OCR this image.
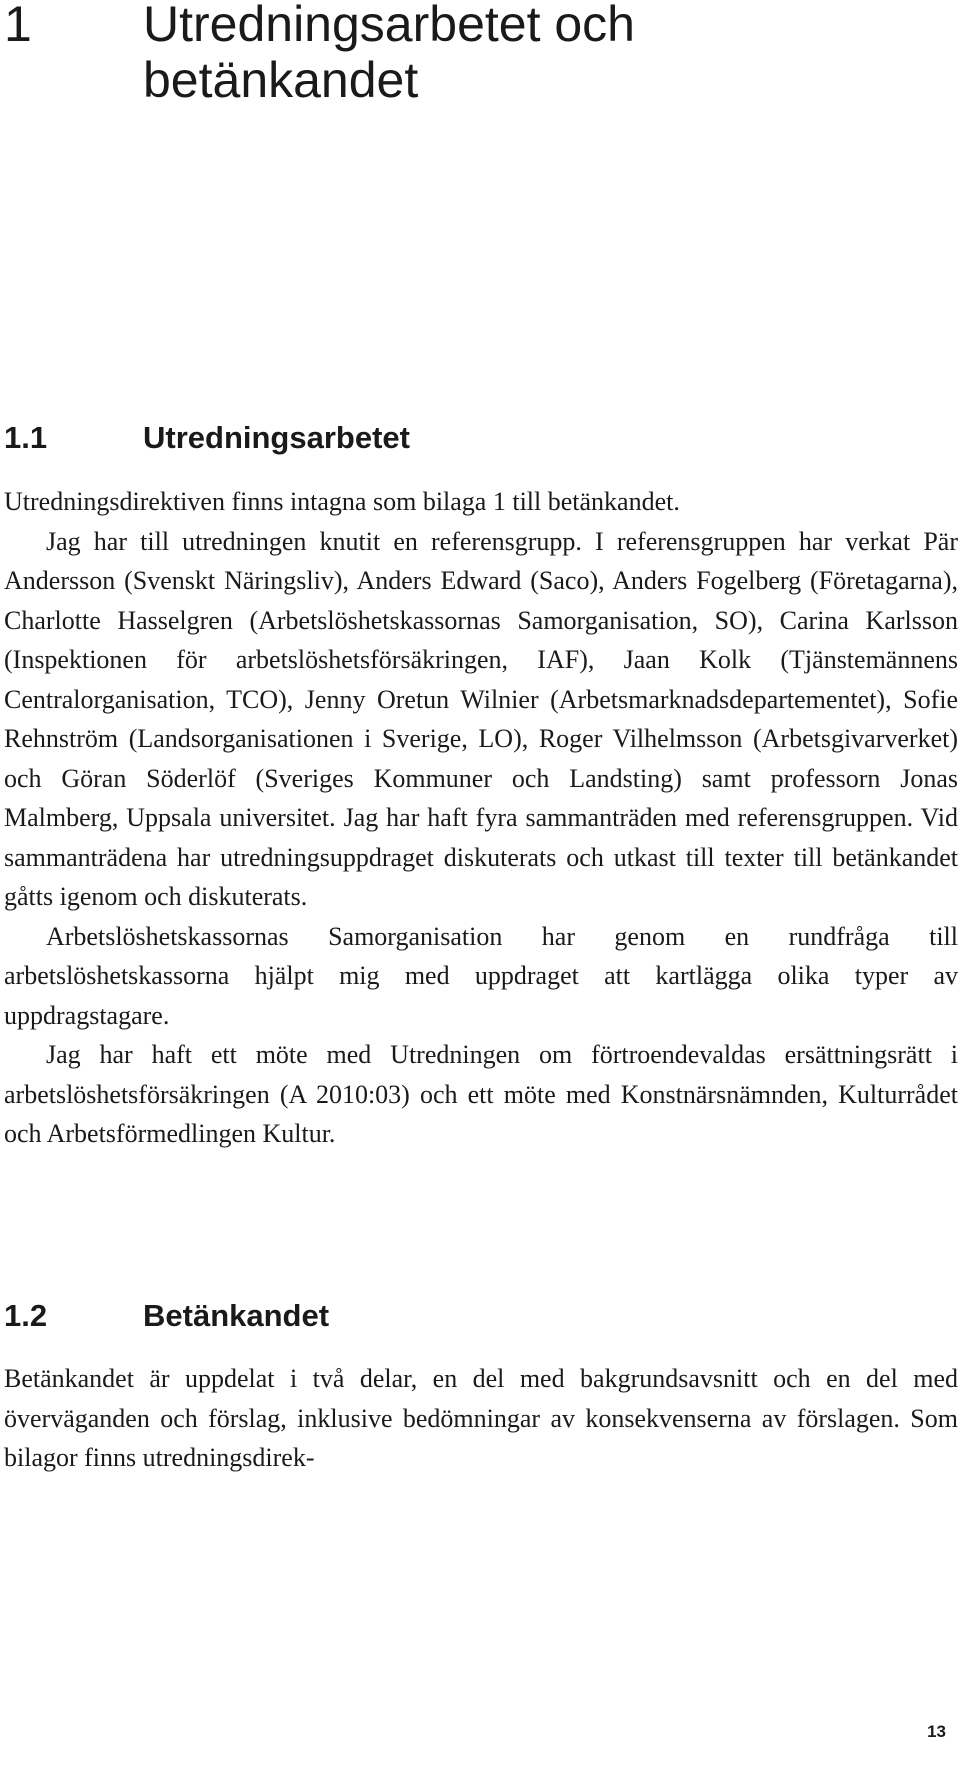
1 Utredningsarbetet och betänkandet
1.1	Utredningsarbetet

Utredningsdirektiven finns intagna som bilaga 1 till betänkandet.

Jag har till utredningen knutit en referensgrupp. I referensgruppen har verkat Pär Andersson (Svenskt Näringsliv), Anders Edward (Saco), Anders Fogelberg (Företagarna), Charlotte Hasselgren (Arbetslöshetskassornas Samorganisation, SO), Carina Karlsson (Inspektionen för arbetslöshetsförsäkringen, IAF), Jaan Kolk (Tjänstemännens Centralorganisation, TCO), Jenny Oretun Wilnier (Arbetsmarknadsdepartementet), Sofie Rehnström (Landsorganisationen i Sverige, LO), Roger Vilhelmsson (Arbetsgivarverket) och Göran Söderlöf (Sveriges Kommuner och Landsting) samt professorn Jonas Malmberg, Uppsala universitet. Jag har haft fyra sammanträden med referensgruppen. Vid sammanträdena har utredningsuppdraget diskuterats och utkast till texter till betänkandet gåtts igenom och diskuterats.

Arbetslöshetskassornas Samorganisation har genom en rundfråga till arbetslöshetskassorna hjälpt mig med uppdraget att kartlägga olika typer av uppdragstagare.

Jag har haft ett möte med Utredningen om förtroendevaldas ersättningsrätt i arbetslöshetsförsäkringen (A 2010:03) och ett möte med Konstnärsnämnden, Kulturrådet och Arbetsförmedlingen Kultur.

1.2	Betänkandet

Betänkandet är uppdelat i två delar, en del med bakgrundsavsnitt och en del med överväganden och förslag, inklusive bedömningar av konsekvenserna av förslagen. Som bilagor finns utredningsdirek-

13
